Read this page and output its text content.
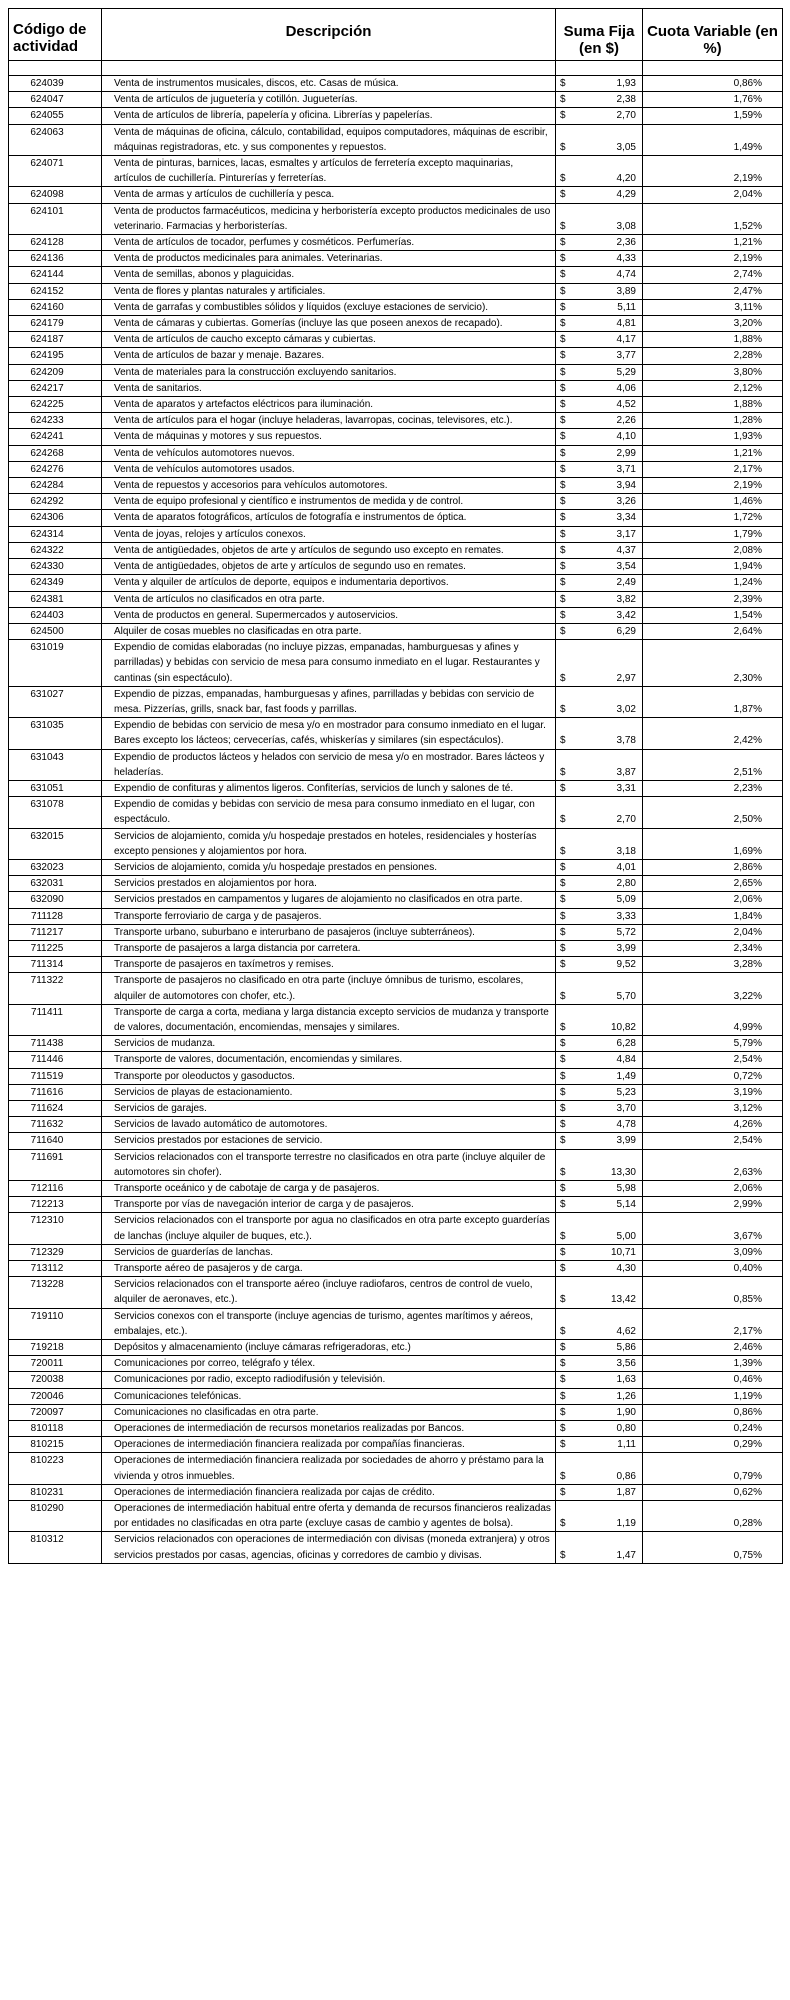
Código de actividad	Descripción	Suma Fija (en $)	Cuota Variable (en %)

624039	Venta de instrumentos musicales, discos, etc. Casas de música.	$ 1,93	0,86%
624047	Venta de artículos de juguetería y cotillón. Jugueterías.	$ 2,38	1,76%
624055	Venta de artículos de librería, papelería y oficina. Librerías y papelerías.	$ 2,70	1,59%
624063	Venta de máquinas de oficina, cálculo, contabilidad, equipos computadores, máquinas de escribir, máquinas registradoras, etc. y sus componentes y repuestos.	$ 3,05	1,49%
624071	Venta de pinturas, barnices, lacas, esmaltes y artículos de ferretería excepto maquinarias, artículos de cuchillería. Pinturerías y ferreterías.	$ 4,20	2,19%
624098	Venta de armas y artículos de cuchillería y pesca.	$ 4,29	2,04%
624101	Venta de productos farmacéuticos, medicina y herboristería excepto productos medicinales de uso veterinario. Farmacias y herboristerías.	$ 3,08	1,52%
624128	Venta de artículos de tocador, perfumes y cosméticos. Perfumerías.	$ 2,36	1,21%
624136	Venta de productos medicinales para animales. Veterinarias.	$ 4,33	2,19%
624144	Venta de semillas, abonos y plaguicidas.	$ 4,74	2,74%
624152	Venta de flores y plantas naturales y artificiales.	$ 3,89	2,47%
624160	Venta de garrafas y combustibles sólidos y líquidos (excluye estaciones de servicio).	$ 5,11	3,11%
624179	Venta de cámaras y cubiertas. Gomerías (incluye las que poseen anexos de recapado).	$ 4,81	3,20%
624187	Venta de artículos de caucho excepto cámaras y cubiertas.	$ 4,17	1,88%
624195	Venta de artículos de bazar y menaje. Bazares.	$ 3,77	2,28%
624209	Venta de materiales para la construcción excluyendo sanitarios.	$ 5,29	3,80%
624217	Venta de sanitarios.	$ 4,06	2,12%
624225	Venta de aparatos y artefactos eléctricos para iluminación.	$ 4,52	1,88%
624233	Venta de artículos para el hogar (incluye heladeras, lavarropas, cocinas, televisores, etc.).	$ 2,26	1,28%
624241	Venta de máquinas y motores y sus repuestos.	$ 4,10	1,93%
624268	Venta de vehículos automotores nuevos.	$ 2,99	1,21%
624276	Venta de vehículos automotores usados.	$ 3,71	2,17%
624284	Venta de repuestos y accesorios para vehículos automotores.	$ 3,94	2,19%
624292	Venta de equipo profesional y científico e instrumentos de medida y de control.	$ 3,26	1,46%
624306	Venta de aparatos fotográficos, artículos de fotografía e instrumentos de óptica.	$ 3,34	1,72%
624314	Venta de joyas, relojes y artículos conexos.	$ 3,17	1,79%
624322	Venta de antigüedades, objetos de arte y artículos de segundo uso excepto en remates.	$ 4,37	2,08%
624330	Venta de antigüedades, objetos de arte y artículos de segundo uso en remates.	$ 3,54	1,94%
624349	Venta y alquiler de artículos de deporte, equipos e indumentaria deportivos.	$ 2,49	1,24%
624381	Venta de artículos no clasificados en otra parte.	$ 3,82	2,39%
624403	Venta de productos en general. Supermercados y autoservicios.	$ 3,42	1,54%
624500	Alquiler de cosas muebles no clasificadas en otra parte.	$ 6,29	2,64%
631019	Expendio de comidas elaboradas (no incluye pizzas, empanadas, hamburguesas y afines y parrilladas) y bebidas con servicio de mesa para consumo inmediato en el lugar. Restaurantes y cantinas (sin espectáculo).	$ 2,97	2,30%
631027	Expendio de pizzas, empanadas, hamburguesas y afines, parrilladas y bebidas con servicio de mesa. Pizzerías, grills, snack bar, fast foods y parrillas.	$ 3,02	1,87%
631035	Expendio de bebidas con servicio de mesa y/o en mostrador para consumo inmediato en el lugar. Bares excepto los lácteos; cervecerías, cafés, whiskerías y similares (sin espectáculos).	$ 3,78	2,42%
631043	Expendio de productos lácteos y helados con servicio de mesa y/o en mostrador. Bares lácteos y heladerías.	$ 3,87	2,51%
631051	Expendio de confituras y alimentos ligeros. Confiterías, servicios de lunch y salones de té.	$ 3,31	2,23%
631078	Expendio de comidas y bebidas con servicio de mesa para consumo inmediato en el lugar, con espectáculo.	$ 2,70	2,50%
632015	Servicios de alojamiento, comida y/u hospedaje prestados en hoteles, residenciales y hosterías excepto pensiones y alojamientos por hora.	$ 3,18	1,69%
632023	Servicios de alojamiento, comida y/u hospedaje prestados en pensiones.	$ 4,01	2,86%
632031	Servicios prestados en alojamientos por hora.	$ 2,80	2,65%
632090	Servicios prestados en campamentos y lugares de alojamiento no clasificados en otra parte.	$ 5,09	2,06%
711128	Transporte ferroviario de carga y de pasajeros.	$ 3,33	1,84%
711217	Transporte urbano, suburbano e interurbano de pasajeros (incluye subterráneos).	$ 5,72	2,04%
711225	Transporte de pasajeros a larga distancia por carretera.	$ 3,99	2,34%
711314	Transporte de pasajeros en taxímetros y remises.	$ 9,52	3,28%
711322	Transporte de pasajeros no clasificado en otra parte (incluye ómnibus de turismo, escolares, alquiler de automotores con chofer, etc.).	$ 5,70	3,22%
711411	Transporte de carga a corta, mediana y larga distancia excepto servicios de mudanza y transporte de valores, documentación, encomiendas, mensajes y similares.	$ 10,82	4,99%
711438	Servicios de mudanza.	$ 6,28	5,79%
711446	Transporte de valores, documentación, encomiendas y similares.	$ 4,84	2,54%
711519	Transporte por oleoductos y gasoductos.	$ 1,49	0,72%
711616	Servicios de playas de estacionamiento.	$ 5,23	3,19%
711624	Servicios de garajes.	$ 3,70	3,12%
711632	Servicios de lavado automático de automotores.	$ 4,78	4,26%
711640	Servicios prestados por estaciones de servicio.	$ 3,99	2,54%
711691	Servicios relacionados con el transporte terrestre no clasificados en otra parte (incluye alquiler de automotores sin chofer).	$ 13,30	2,63%
712116	Transporte oceánico y de cabotaje de carga y de pasajeros.	$ 5,98	2,06%
712213	Transporte por vías de navegación interior de carga y de pasajeros.	$ 5,14	2,99%
712310	Servicios relacionados con el transporte por agua no clasificados en otra parte excepto guarderías de lanchas (incluye alquiler de buques, etc.).	$ 5,00	3,67%
712329	Servicios de guarderías de lanchas.	$ 10,71	3,09%
713112	Transporte aéreo de pasajeros y de carga.	$ 4,30	0,40%
713228	Servicios relacionados con el transporte aéreo (incluye radiofaros, centros de control de vuelo, alquiler de aeronaves, etc.).	$ 13,42	0,85%
719110	Servicios conexos con el transporte (incluye agencias de turismo, agentes marítimos y aéreos, embalajes, etc.).	$ 4,62	2,17%
719218	Depósitos y almacenamiento (incluye cámaras refrigeradoras, etc.)	$ 5,86	2,46%
720011	Comunicaciones por correo, telégrafo y télex.	$ 3,56	1,39%
720038	Comunicaciones por radio, excepto radiodifusión y televisión.	$ 1,63	0,46%
720046	Comunicaciones telefónicas.	$ 1,26	1,19%
720097	Comunicaciones no clasificadas en otra parte.	$ 1,90	0,86%
810118	Operaciones de intermediación de recursos monetarios realizadas por Bancos.	$ 0,80	0,24%
810215	Operaciones de intermediación financiera realizada por compañías financieras.	$ 1,11	0,29%
810223	Operaciones de intermediación financiera realizada por sociedades de ahorro y préstamo para la vivienda y otros inmuebles.	$ 0,86	0,79%
810231	Operaciones de intermediación financiera realizada por cajas de crédito.	$ 1,87	0,62%
810290	Operaciones de intermediación habitual entre oferta y demanda de recursos financieros realizadas por entidades no clasificadas en otra parte (excluye casas de cambio y agentes de bolsa).	$ 1,19	0,28%
810312	Servicios relacionados con operaciones de intermediación con divisas (moneda extranjera) y otros servicios prestados por casas, agencias, oficinas y corredores de cambio y divisas.	$ 1,47	0,75%
